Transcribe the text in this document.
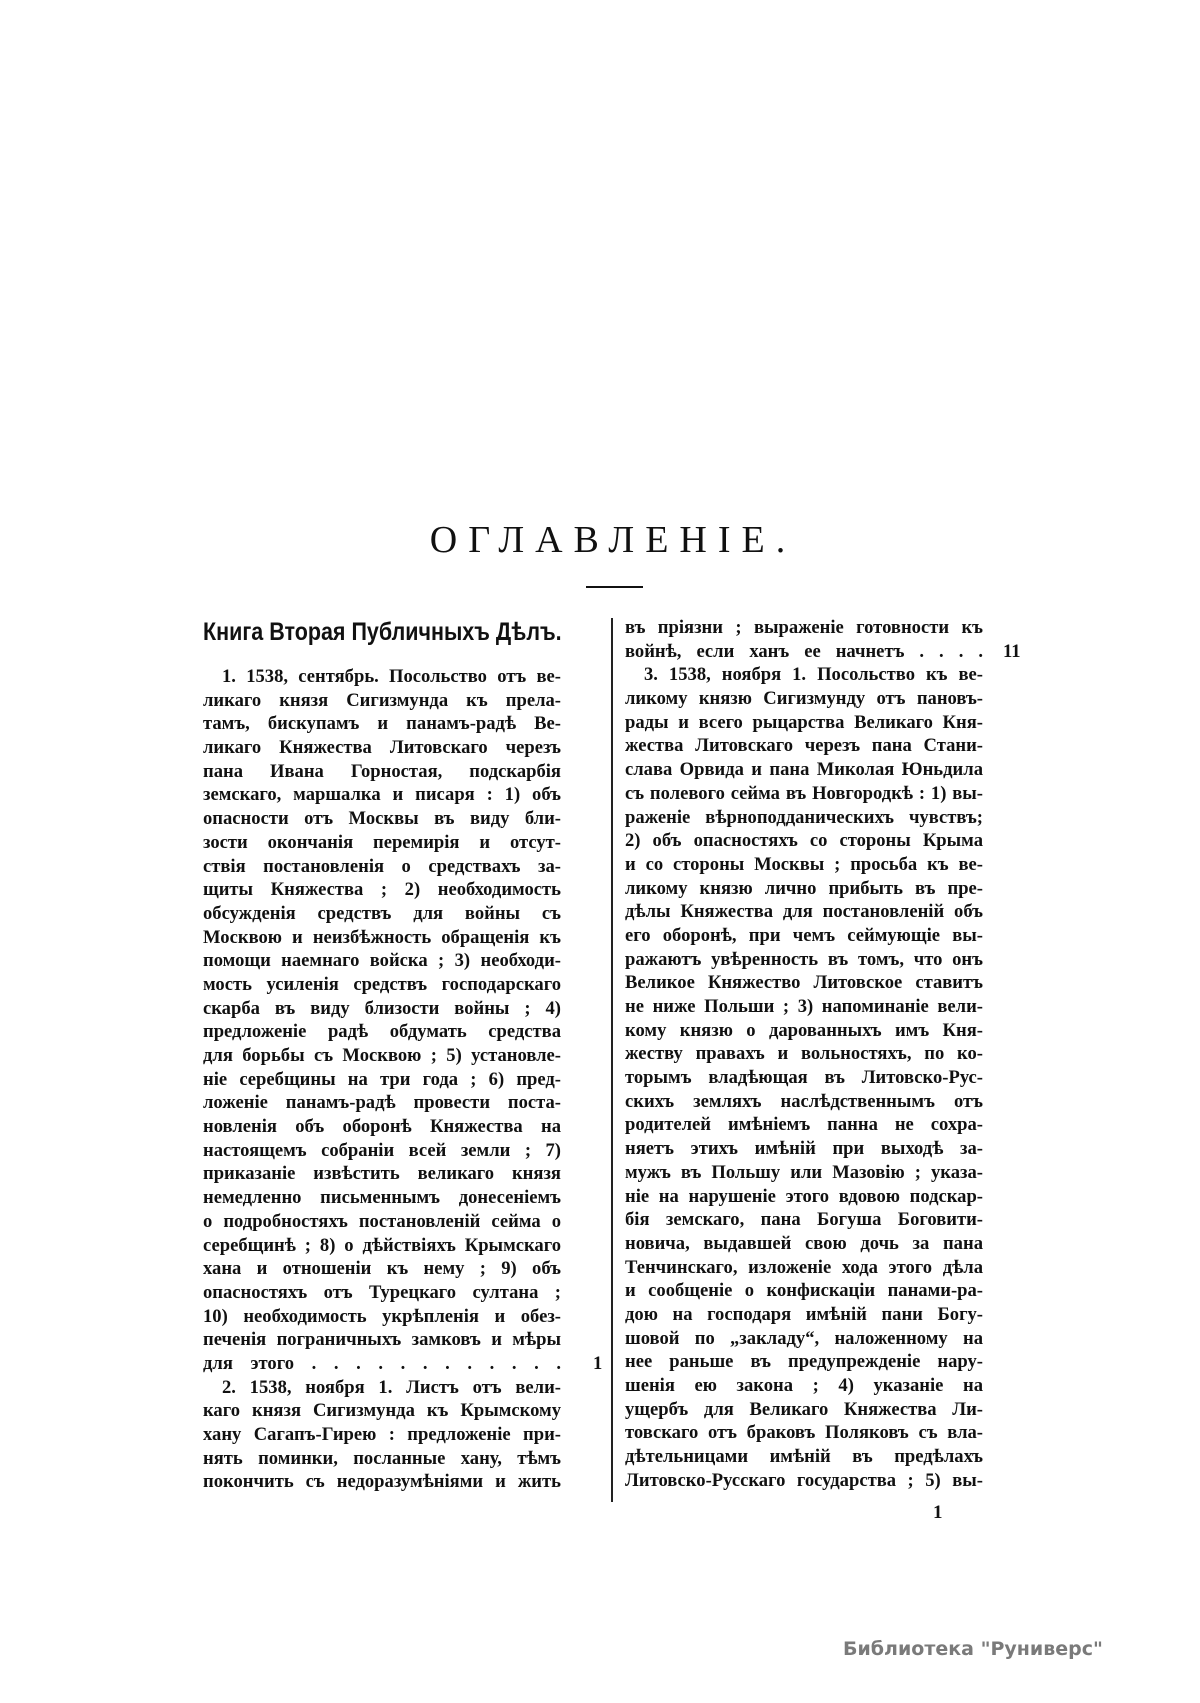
ОГЛАВЛЕНІЕ.
Книга Вторая Публичныхъ Дѣлъ.
1. 1538, сентябрь. Посольство отъ ве-
ликаго князя Сигизмунда къ прела-
тамъ, бискупамъ и панамъ-радѣ Ве-
ликаго Княжества Литовскаго черезъ
пана Ивана Горностая, подскарбія
земскаго, маршалка и писаря : 1) объ
опасности отъ Москвы въ виду бли-
зости окончанія перемирія и отсут-
ствія постановленія о средствахъ за-
щиты Княжества ; 2) необходимость
обсужденія средствъ для войны съ
Москвою и неизбѣжность обращенія къ
помощи наемнаго войска ; 3) необходи-
мость усиленія средствъ господарскаго
скарба въ виду близости войны ; 4)
предложеніе радѣ обдумать средства
для борьбы съ Москвою ; 5) установле-
ніе серебщины на три года ; 6) пред-
ложеніе панамъ-радѣ провести поста-
новленія объ оборонѣ Княжества на
настоящемъ собраніи всей земли ; 7)
приказаніе извѣстить великаго князя
немедленно письменнымъ донесеніемъ
о подробностяхъ постановленій сейма о
серебщинѣ ; 8) о дѣйствіяхъ Крымскаго
хана и отношеніи къ нему ; 9) объ
опасностяхъ отъ Турецкаго султана ;
10) необходимость укрѣпленія и обез-
печенія пограничныхъ замковъ и мѣры
для этого . . . . . . . . . . . . 1
2. 1538, ноября 1. Листъ отъ вели-
каго князя Сигизмунда къ Крымскому
хану Сагапъ-Гирею : предложеніе при-
нять поминки, посланные хану, тѣмъ
покончить съ недоразумѣніями и жить
въ пріязни ; выраженіе готовности къ
войнѣ, если ханъ ее начнетъ . . . . 11
3. 1538, ноября 1. Посольство къ ве-
ликому князю Сигизмунду отъ пановъ-
рады и всего рыцарства Великаго Кня-
жества Литовскаго черезъ пана Стани-
слава Орвида и пана Миколая Юньдила
съ полевого сейма въ Новгородкѣ : 1) вы-
раженіе вѣрноподданическихъ чувствъ;
2) объ опасностяхъ со стороны Крыма
и со стороны Москвы ; просьба къ ве-
ликому князю лично прибыть въ пре-
дѣлы Княжества для постановленій объ
его оборонѣ, при чемъ сеймующіе вы-
ражаютъ увѣренность въ томъ, что онъ
Великое Княжество Литовское ставитъ
не ниже Польши ; 3) напоминаніе вели-
кому князю о дарованныхъ имъ Кня-
жеству правахъ и вольностяхъ, по ко-
торымъ владѣющая въ Литовско-Рус-
скихъ земляхъ наслѣдственнымъ отъ
родителей имѣніемъ панна не сохра-
няетъ этихъ имѣній при выходѣ за-
мужъ въ Польшу или Мазовію ; указа-
ніе на нарушеніе этого вдовою подскар-
бія земскаго, пана Богуша Боговити-
новича, выдавшей свою дочь за пана
Тенчинскаго, изложеніе хода этого дѣла
и сообщеніе о конфискаціи панами-ра-
дою на господаря имѣній пани Богу-
шовой по „закладу“, наложенному на
нее раньше въ предупрежденіе нару-
шенія ею закона ; 4) указаніе на
ущербъ для Великаго Княжества Ли-
товскаго отъ браковъ Поляковъ съ вла-
дѣтельницами имѣній въ предѣлахъ
Литовско-Русскаго государства ; 5) вы-
1
Библиотека "Руниверс"
